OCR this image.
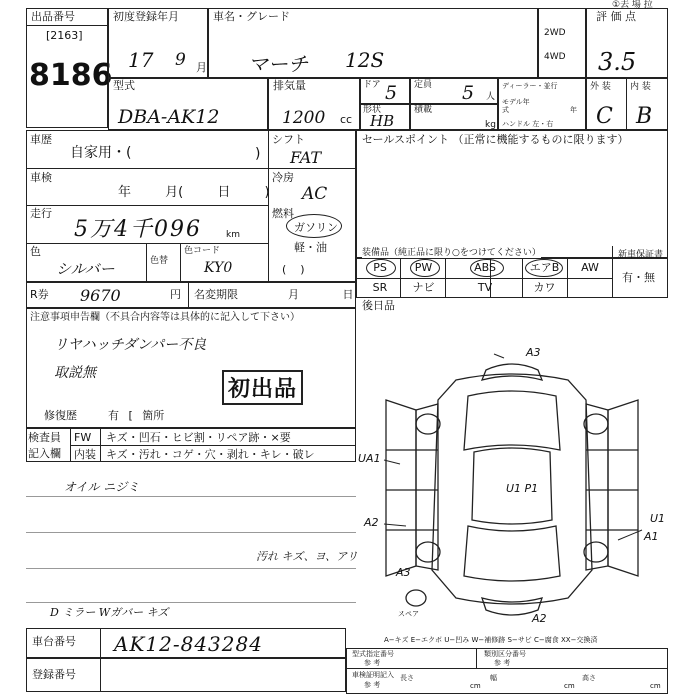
出品番号
[2163]
8186
初度登録年月
17 9 月
車名・グレード
マーチ 12S
2WD
4WD
評 価 点
3.5
①去 場 拉
型式
DBA-AK12
排気量
1200 cc
ドア 5 定員 5 人
形状
HB
積載
kg
ディーラー・並行
モデル年式	年
ハンドル 左・右
外 装 内 装
C B
車歴
自家用・(	)
車検
年 月( 日 )
走行
5万4千096	km
色
シルバー	色替
色コード
KY0
シフト
FAT
冷房
AC
燃料
ガソリン
軽・油
(    )
セールスポイント （正常に機能するものに限ります）
装備品（純正品に限り○をつけてください）	新車保証書
有・無
PS	PW	ABS	エアB	AW
SR	ナビ	TV	カワ
R券 9670	円 名変期限	月 日
後日品
注意事項申告欄（不具合内容等は具体的に記入して下さい）
リヤハッチダンパー不良
取説無
初出品
修復歴	有 [ 箇所
検査員
記入欄
FW キズ・凹石・ヒビ割・リペア跡・×要
内装 キズ・汚れ・コゲ・穴・剥れ・キレ・破レ
オイル ニジミ
汚れ キズ、ヨ、アリ
D ミラー Wガバー キズ
A3
UA1
U1 P1
A2	U1
A1
A3
A2
スペア
A−キズ E−エクボ U−凹み W−補修跡 S−サビ C−腐食 XX−交換済
車台番号 AK12-843284
登録番号
型式指定番号
参 考
類別区分番号
参 考
車検証明記入
参 考
長さ
cm
幅
cm
高さ
cm
